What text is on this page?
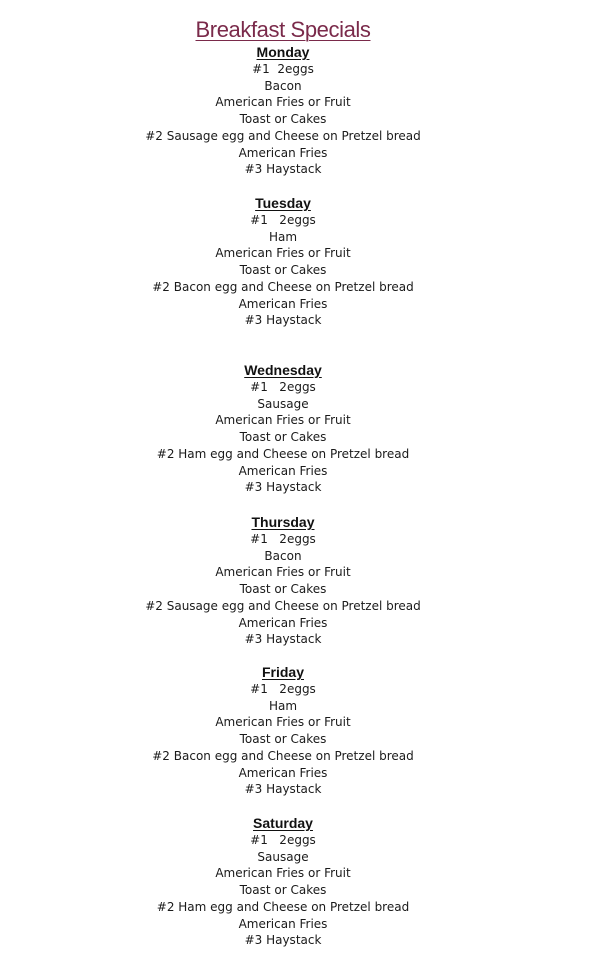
Breakfast Specials
Monday
#1  2eggs
Bacon
American Fries or Fruit
Toast or Cakes
#2 Sausage egg and Cheese on Pretzel bread
American Fries
#3 Haystack
Tuesday
#1   2eggs
Ham
American Fries or Fruit
Toast or Cakes
#2 Bacon egg and Cheese on Pretzel bread
American Fries
#3 Haystack
Wednesday
#1   2eggs
Sausage
American Fries or Fruit
Toast or Cakes
#2 Ham egg and Cheese on Pretzel bread
American Fries
#3 Haystack
Thursday
#1   2eggs
Bacon
American Fries or Fruit
Toast or Cakes
#2 Sausage egg and Cheese on Pretzel bread
American Fries
#3 Haystack
Friday
#1   2eggs
Ham
American Fries or Fruit
Toast or Cakes
#2 Bacon egg and Cheese on Pretzel bread
American Fries
#3 Haystack
Saturday
#1   2eggs
Sausage
American Fries or Fruit
Toast or Cakes
#2 Ham egg and Cheese on Pretzel bread
American Fries
#3 Haystack
